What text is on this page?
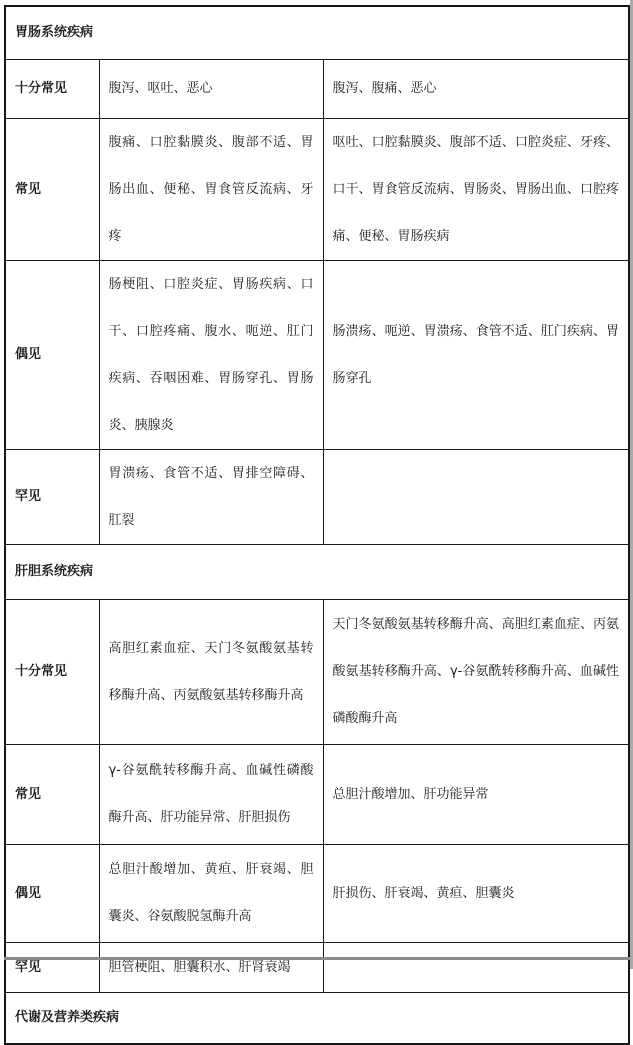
胃肠系统疾病		
十分常见	腹泻、呕吐、恶心	腹泻、腹痛、恶心
常见	腹痛、口腔黏膜炎、腹部不适、胃肠出血、便秘、胃食管反流病、牙疼	呕吐、口腔黏膜炎、腹部不适、口腔炎症、牙疼、口干、胃食管反流病、胃肠炎、胃肠出血、口腔疼痛、便秘、胃肠疾病
偶见	肠梗阻、口腔炎症、胃肠疾病、口干、口腔疼痛、腹水、呃逆、肛门疾病、吞咽困难、胃肠穿孔、胃肠炎、胰腺炎	肠溃疡、呃逆、胃溃疡、食管不适、肛门疾病、胃肠穿孔
罕见	胃溃疡、食管不适、胃排空障碍、肛裂	
肝胆系统疾病		
十分常见	高胆红素血症、天门冬氨酸氨基转移酶升高、丙氨酸氨基转移酶升高	天门冬氨酸氨基转移酶升高、高胆红素血症、丙氨酸氨基转移酶升高、γ-谷氨酰转移酶升高、血碱性磷酸酶升高
常见	γ-谷氨酰转移酶升高、血碱性磷酸酶升高、肝功能异常、肝胆损伤	总胆汁酸增加、肝功能异常
偶见	总胆汁酸增加、黄疸、肝衰竭、胆囊炎、谷氨酸脱氢酶升高	肝损伤、肝衰竭、黄疸、胆囊炎
罕见	胆管梗阻、胆囊积水、肝肾衰竭	
代谢及营养类疾病		
